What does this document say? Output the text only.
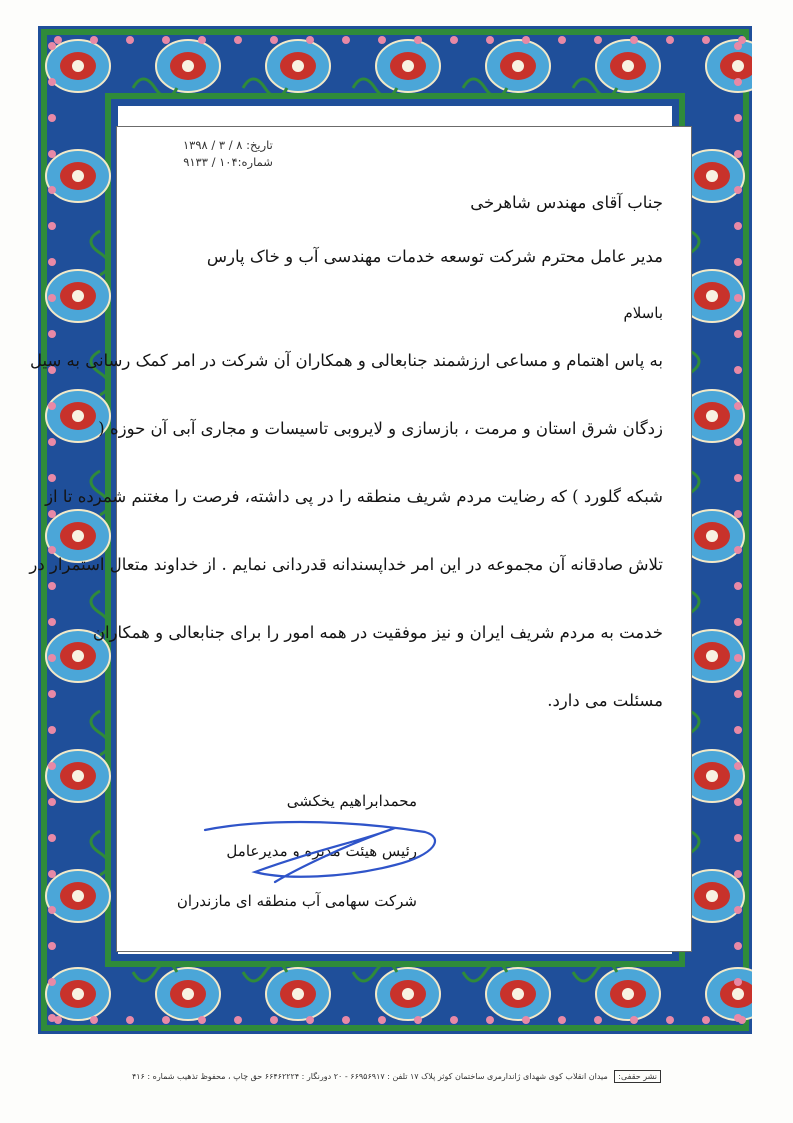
تاریخ: ۸ / ۳ / ۱۳۹۸
شماره:۱۰۴ / ۹۱۳۳
جناب آقای مهندس شاهرخی
مدیر عامل محترم شرکت توسعه خدمات مهندسی آب و خاک پارس
باسلام
به پاس اهتمام و مساعی ارزشمند جنابعالی و همکاران آن شرکت در امر کمک رسانی به سیل
زدگان شرق استان و مرمت ، بازسازی و لایروبی تاسیسات و مجاری آبی آن حوزه (
شبکه گلورد ) که رضایت مردم شریف منطقه را در پی داشته، فرصت را مغتنم شمرده تا از
تلاش صادقانه آن مجموعه در این امر خداپسندانه قدردانی نمایم . از خداوند متعال استمرار در
خدمت به مردم شریف ایران و نیز موفقیت در همه امور را برای جنابعالی و همکاران
مسئلت می دارد.
محمدابراهیم یخکشی
رئیس هیئت مدیره و مدیرعامل
شرکت سهامی آب منطقه ای مازندران
نشر حقفی: میدان انقلاب کوی شهدای ژاندارمری ساختمان کوثر پلاک ۱۷ تلفن : ۶۶۹۵۶۹۱۷ - ۲۰ دورنگار : ۶۶۴۶۲۲۲۴ حق چاپ ، محفوظ تذهیب شماره : ۴۱۶
